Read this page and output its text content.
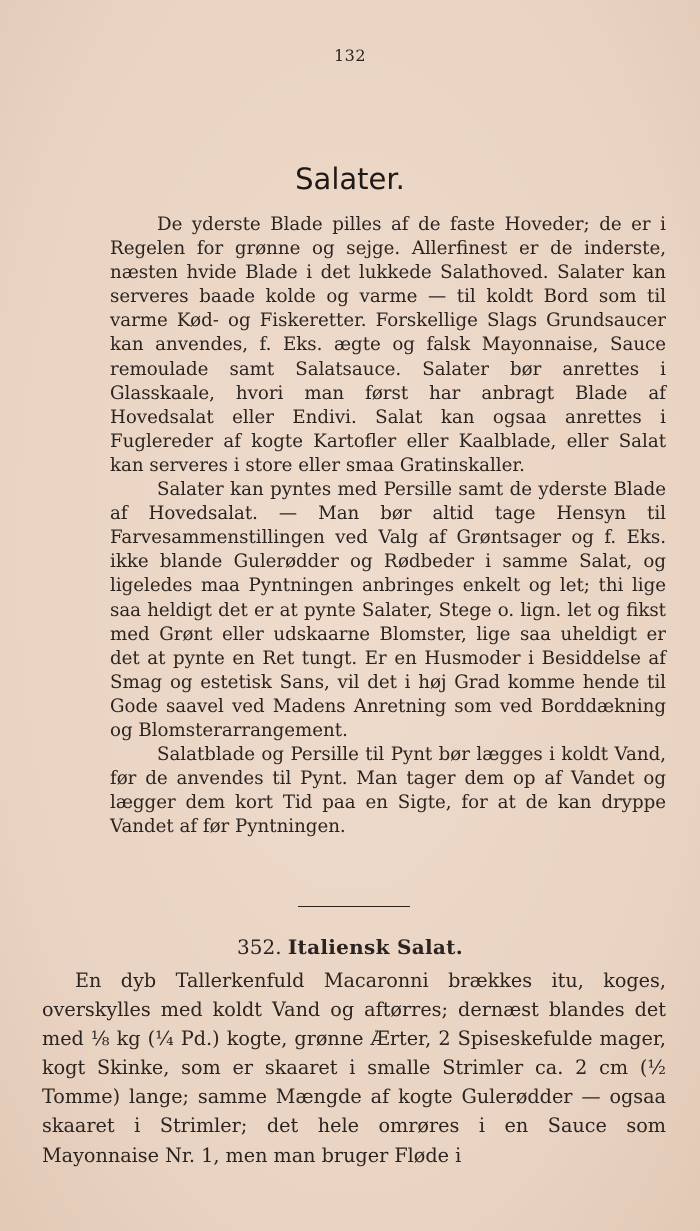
132
Salater.

De yderste Blade pilles af de faste Hoveder; de er i Regelen for grønne og sejge. Allerfinest er de inderste, næsten hvide Blade i det lukkede Salathoved. Salater kan serveres baade kolde og varme — til koldt Bord som til varme Kød- og Fiskeretter. Forskellige Slags Grundsaucer kan anvendes, f. Eks. ægte og falsk Mayonnaise, Sauce remoulade samt Salatsauce. Salater bør anrettes i Glasskaale, hvori man først har anbragt Blade af Hovedsalat eller Endivi. Salat kan ogsaa anrettes i Fuglereder af kogte Kartofler eller Kaalblade, eller Salat kan serveres i store eller smaa Gratinskaller.

Salater kan pyntes med Persille samt de yderste Blade af Hovedsalat. — Man bør altid tage Hensyn til Farvesammenstillingen ved Valg af Grøntsager og f. Eks. ikke blande Gulerødder og Rødbeder i samme Salat, og ligeledes maa Pyntningen anbringes enkelt og let; thi lige saa heldigt det er at pynte Salater, Stege o. lign. let og fikst med Grønt eller udskaarne Blomster, lige saa uheldigt er det at pynte en Ret tungt. Er en Husmoder i Besiddelse af Smag og estetisk Sans, vil det i høj Grad komme hende til Gode saavel ved Madens Anretning som ved Borddækning og Blomsterarrangement.

Salatblade og Persille til Pynt bør lægges i koldt Vand, før de anvendes til Pynt. Man tager dem op af Vandet og lægger dem kort Tid paa en Sigte, for at de kan dryppe Vandet af før Pyntningen.

352. Italiensk Salat.

En dyb Tallerkenfuld Macaronni brækkes itu, koges, overskylles med koldt Vand og aftørres; dernæst blandes det med ⅛ kg (¼ Pd.) kogte, grønne Ærter, 2 Spiseskefulde mager, kogt Skinke, som er skaaret i smalle Strimler ca. 2 cm (½ Tomme) lange; samme Mængde af kogte Gulerødder — ogsaa skaaret i Strimler; det hele omrøres i en Sauce som Mayonnaise Nr. 1, men man bruger Fløde i
